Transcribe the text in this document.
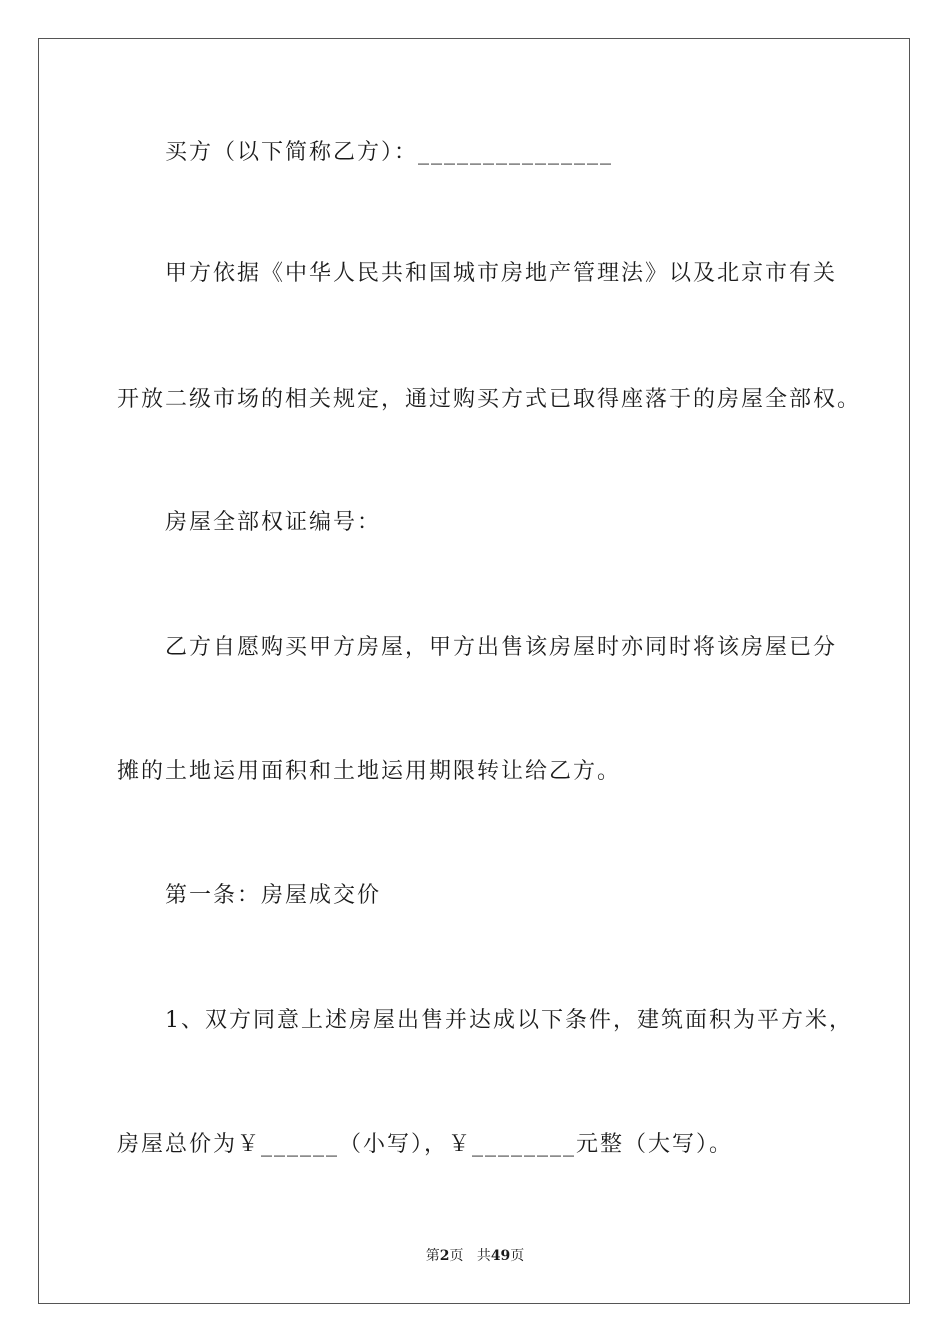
买方（以下简称乙方）：_______________
甲方依据《中华人民共和国城市房地产管理法》以及北京市有关
开放二级市场的相关规定，通过购买方式已取得座落于的房屋全部权。
房屋全部权证编号：
乙方自愿购买甲方房屋，甲方出售该房屋时亦同时将该房屋已分
摊的土地运用面积和土地运用期限转让给乙方。
第一条：房屋成交价
1、双方同意上述房屋出售并达成以下条件，建筑面积为平方米，
房屋总价为￥______（小写），￥________元整（大写）。
第2页 共49页
